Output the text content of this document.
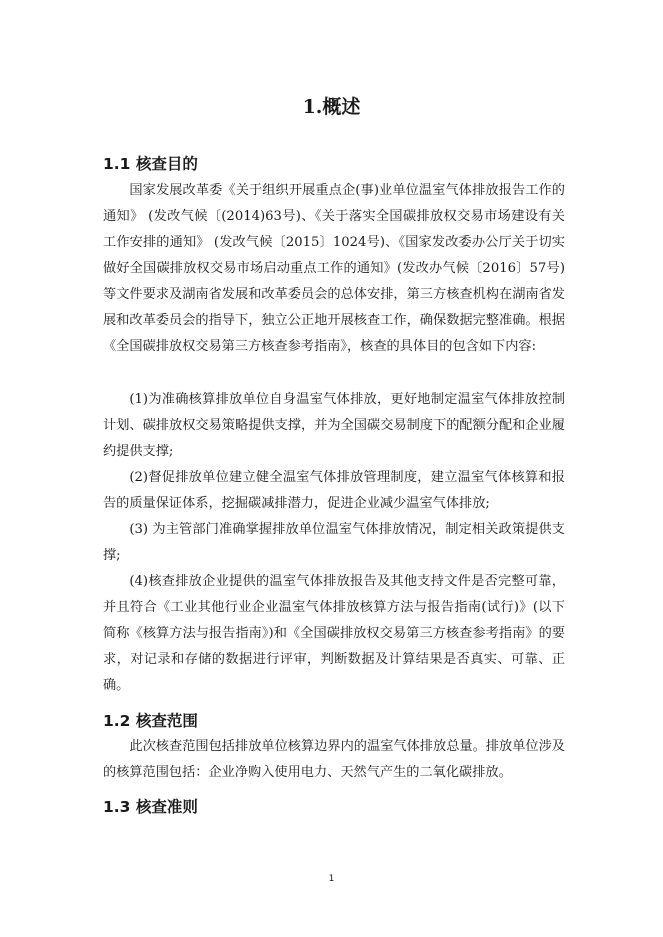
1.概述
1.1 核查目的

国家发展改革委《关于组织开展重点企(事)业单位温室气体排放报告工作的通知》 (发改气候〔(2014)63号)、《关于落实全国碳排放权交易市场建设有关工作安排的通知》 (发改气候〔2015〕1024号)、《国家发改委办公厅关于切实做好全国碳排放权交易市场启动重点工作的通知》(发改办气候〔2016〕57号)等文件要求及湖南省发展和改革委员会的总体安排，第三方核查机构在湖南省发展和改革委员会的指导下，独立公正地开展核查工作，确保数据完整准确。根据《全国碳排放权交易第三方核查参考指南》，核查的具体目的包含如下内容:

(1)为准确核算排放单位自身温室气体排放，更好地制定温室气体排放控制计划、碳排放权交易策略提供支撑，并为全国碳交易制度下的配额分配和企业履约提供支撑;

(2)督促排放单位建立健全温室气体排放管理制度，建立温室气体核算和报告的质量保证体系，挖掘碳减排潜力，促进企业减少温室气体排放;

(3) 为主管部门准确掌握排放单位温室气体排放情况，制定相关政策提供支撑;

(4)核查排放企业提供的温室气体排放报告及其他支持文件是否完整可靠，并且符合《工业其他行业企业温室气体排放核算方法与报告指南(试行)》(以下简称《核算方法与报告指南》)和《全国碳排放权交易第三方核查参考指南》的要求，对记录和存储的数据进行评审，判断数据及计算结果是否真实、可靠、正确。

1.2 核查范围

此次核查范围包括排放单位核算边界内的温室气体排放总量。排放单位涉及的核算范围包括：企业净购入使用电力、天然气产生的二氧化碳排放。

1.3 核查准则
1
